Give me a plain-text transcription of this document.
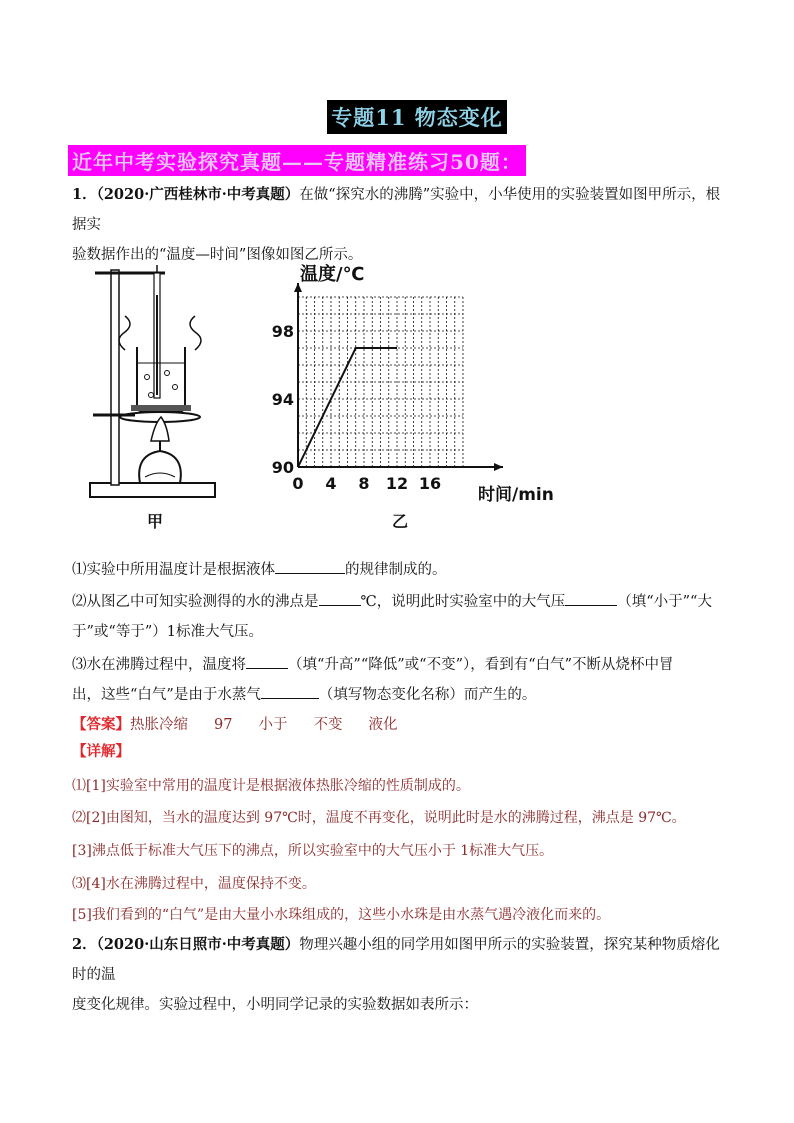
专题11 物态变化
近年中考实验探究真题——专题精准练习50题：
1．（2020·广西桂林市·中考真题）在做“探究水的沸腾”实验中，小华使用的实验装置如图甲所示，根据实
验数据作出的“温度—时间”图像如图乙所示。
甲
0 4 8 12 16
90
94
98
温度/℃
时间/min
乙
⑴实验中所用温度计是根据液体	的规律制成的。
⑵从图乙中可知实验测得的水的沸点是	℃，说明此时实验室中的大气压	（填“小于”“大
于”或“等于”）1标准大气压。
⑶水在沸腾过程中，温度将	（填“升高”“降低”或“不变”），看到有“白气”不断从烧杯中冒
出，这些“白气”是由于水蒸气	（填写物态变化名称）而产生的。
【答案】热胀冷缩 97 小于 不变 液化
【详解】
⑴[1]实验室中常用的温度计是根据液体热胀冷缩的性质制成的。
⑵[2]由图知，当水的温度达到 97℃时，温度不再变化，说明此时是水的沸腾过程，沸点是 97℃。
[3]沸点低于标准大气压下的沸点，所以实验室中的大气压小于 1标准大气压。
⑶[4]水在沸腾过程中，温度保持不变。
[5]我们看到的“白气”是由大量小水珠组成的，这些小水珠是由水蒸气遇冷液化而来的。
2．（2020·山东日照市·中考真题）物理兴趣小组的同学用如图甲所示的实验装置，探究某种物质熔化时的温
度变化规律。实验过程中，小明同学记录的实验数据如表所示：
